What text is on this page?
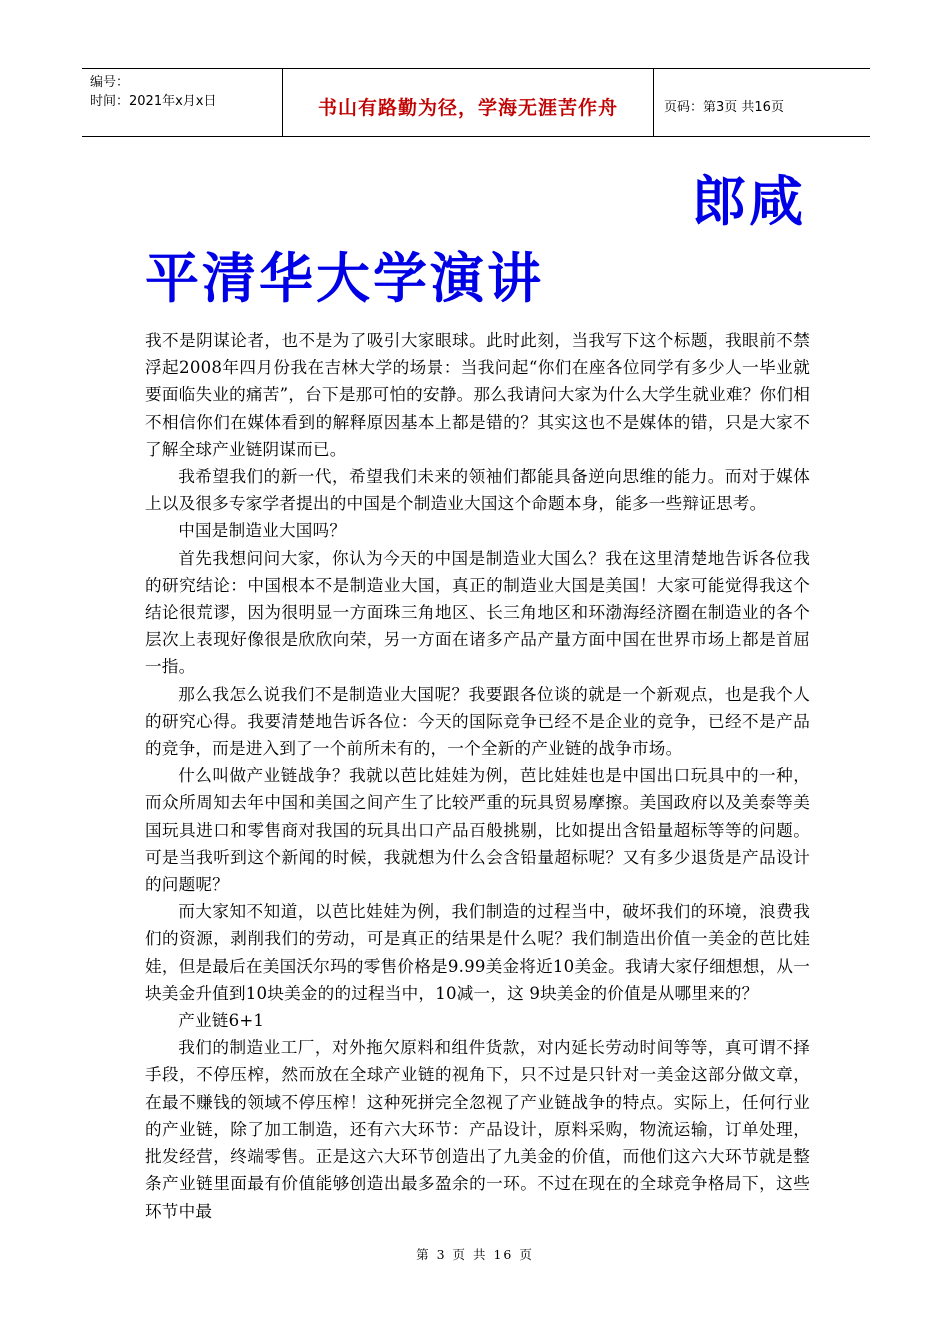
编号：
时间：2021年x月x日	书山有路勤为径，学海无涯苦作舟	页码：第3页 共16页
郎咸
平清华大学演讲

我不是阴谋论者，也不是为了吸引大家眼球。此时此刻，当我写下这个标题，我眼前不禁浮起2008年四月份我在吉林大学的场景：当我问起“你们在座各位同学有多少人一毕业就要面临失业的痛苦”，台下是那可怕的安静。那么我请问大家为什么大学生就业难？你们相不相信你们在媒体看到的解释原因基本上都是错的？其实这也不是媒体的错，只是大家不了解全球产业链阴谋而已。

我希望我们的新一代，希望我们未来的领袖们都能具备逆向思维的能力。而对于媒体上以及很多专家学者提出的中国是个制造业大国这个命题本身，能多一些辩证思考。

中国是制造业大国吗？

首先我想问问大家，你认为今天的中国是制造业大国么？我在这里清楚地告诉各位我的研究结论：中国根本不是制造业大国，真正的制造业大国是美国！大家可能觉得我这个结论很荒谬，因为很明显一方面珠三角地区、长三角地区和环渤海经济圈在制造业的各个层次上表现好像很是欣欣向荣，另一方面在诸多产品产量方面中国在世界市场上都是首屈一指。

那么我怎么说我们不是制造业大国呢？我要跟各位谈的就是一个新观点，也是我个人的研究心得。我要清楚地告诉各位：今天的国际竞争已经不是企业的竞争，已经不是产品的竞争，而是进入到了一个前所未有的，一个全新的产业链的战争市场。

什么叫做产业链战争？我就以芭比娃娃为例，芭比娃娃也是中国出口玩具中的一种，而众所周知去年中国和美国之间产生了比较严重的玩具贸易摩擦。美国政府以及美泰等美国玩具进口和零售商对我国的玩具出口产品百般挑剔，比如提出含铅量超标等等的问题。可是当我听到这个新闻的时候，我就想为什么会含铅量超标呢？又有多少退货是产品设计的问题呢？

而大家知不知道，以芭比娃娃为例，我们制造的过程当中，破坏我们的环境，浪费我们的资源，剥削我们的劳动，可是真正的结果是什么呢？我们制造出价值一美金的芭比娃娃，但是最后在美国沃尔玛的零售价格是9.99美金将近10美金。我请大家仔细想想，从一块美金升值到10块美金的的过程当中，10减一，这 9块美金的价值是从哪里来的？

产业链6+1

我们的制造业工厂，对外拖欠原料和组件货款，对内延长劳动时间等等，真可谓不择手段，不停压榨，然而放在全球产业链的视角下，只不过是只针对一美金这部分做文章，在最不赚钱的领域不停压榨！这种死拼完全忽视了产业链战争的特点。实际上，任何行业的产业链，除了加工制造，还有六大环节：产品设计，原料采购，物流运输，订单处理，批发经营，终端零售。正是这六大环节创造出了九美金的价值，而他们这六大环节就是整条产业链里面最有价值能够创造出最多盈余的一环。不过在现在的全球竞争格局下，这些环节中最

第 3 页 共 16 页
